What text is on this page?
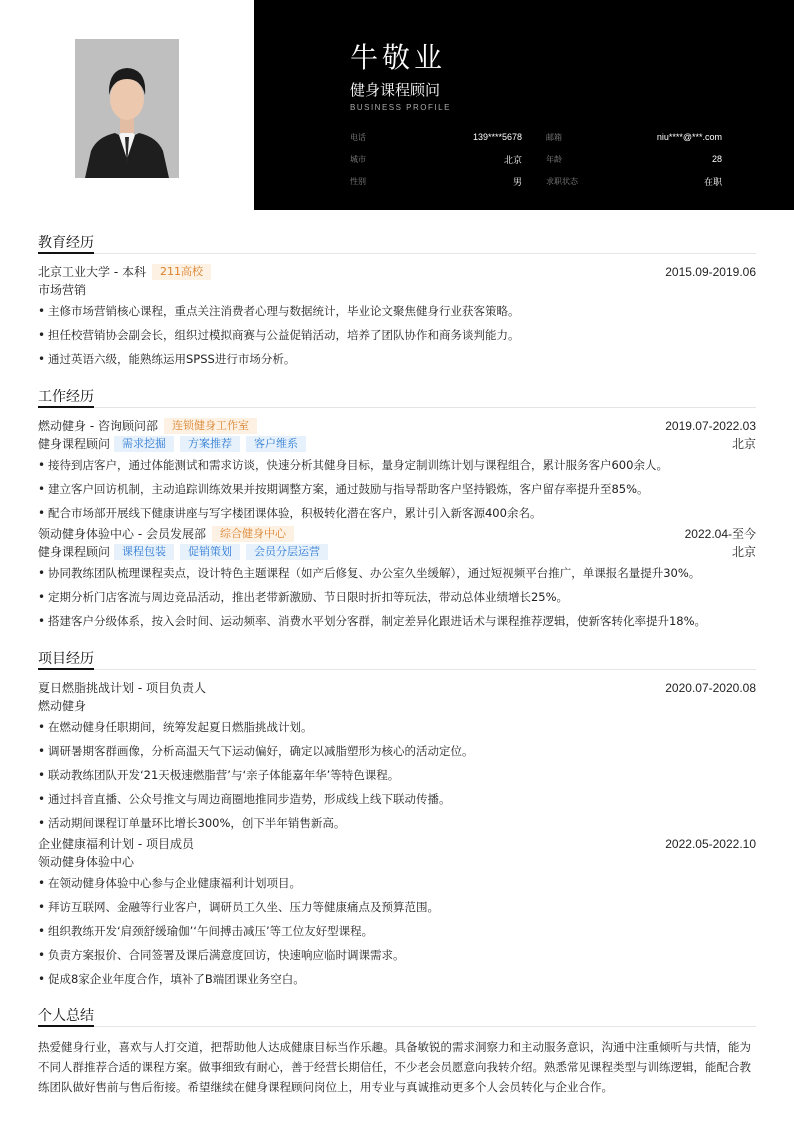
牛敬业
健身课程顾问
BUSINESS PROFILE
电话	139****5678	邮箱	niu****@***.com
城市	北京	年龄	28
性别	男	求职状态	在职
教育经历
北京工业大学 - 本科	211高校	2015.09-2019.06
市场营销
• 主修市场营销核心课程，重点关注消费者心理与数据统计，毕业论文聚焦健身行业获客策略。
• 担任校营销协会副会长，组织过模拟商赛与公益促销活动，培养了团队协作和商务谈判能力。
• 通过英语六级，能熟练运用SPSS进行市场分析。
工作经历
燃动健身 - 咨询顾问部	连锁健身工作室	2019.07-2022.03
健身课程顾问	需求挖掘	方案推荐	客户维系	北京
• 接待到店客户，通过体能测试和需求访谈，快速分析其健身目标，量身定制训练计划与课程组合，累计服务客户600余人。
• 建立客户回访机制，主动追踪训练效果并按期调整方案，通过鼓励与指导帮助客户坚持锻炼，客户留存率提升至85%。
• 配合市场部开展线下健康讲座与写字楼团课体验，积极转化潜在客户，累计引入新客源400余名。
领动健身体验中心 - 会员发展部	综合健身中心	2022.04-至今
健身课程顾问	课程包装	促销策划	会员分层运营	北京
• 协同教练团队梳理课程卖点，设计特色主题课程（如产后修复、办公室久坐缓解），通过短视频平台推广，单课报名量提升30%。
• 定期分析门店客流与周边竞品活动，推出老带新激励、节日限时折扣等玩法，带动总体业绩增长25%。
• 搭建客户分级体系，按入会时间、运动频率、消费水平划分客群，制定差异化跟进话术与课程推荐逻辑，使新客转化率提升18%。
项目经历
夏日燃脂挑战计划 - 项目负责人	2020.07-2020.08
燃动健身
• 在燃动健身任职期间，统筹发起夏日燃脂挑战计划。
• 调研暑期客群画像，分析高温天气下运动偏好，确定以减脂塑形为核心的活动定位。
• 联动教练团队开发‘21天极速燃脂营’与‘亲子体能嘉年华’等特色课程。
• 通过抖音直播、公众号推文与周边商圈地推同步造势，形成线上线下联动传播。
• 活动期间课程订单量环比增长300%，创下半年销售新高。
企业健康福利计划 - 项目成员	2022.05-2022.10
领动健身体验中心
• 在领动健身体验中心参与企业健康福利计划项目。
• 拜访互联网、金融等行业客户，调研员工久坐、压力等健康痛点及预算范围。
• 组织教练开发‘肩颈舒缓瑜伽’‘午间搏击减压’等工位友好型课程。
• 负责方案报价、合同签署及课后满意度回访，快速响应临时调课需求。
• 促成8家企业年度合作，填补了B端团课业务空白。
个人总结
热爱健身行业，喜欢与人打交道，把帮助他人达成健康目标当作乐趣。具备敏锐的需求洞察力和主动服务意识，沟通中注重倾听与共情，能为不同人群推荐合适的课程方案。做事细致有耐心，善于经营长期信任，不少老会员愿意向我转介绍。熟悉常见课程类型与训练逻辑，能配合教练团队做好售前与售后衔接。希望继续在健身课程顾问岗位上，用专业与真诚推动更多个人会员转化与企业合作。
